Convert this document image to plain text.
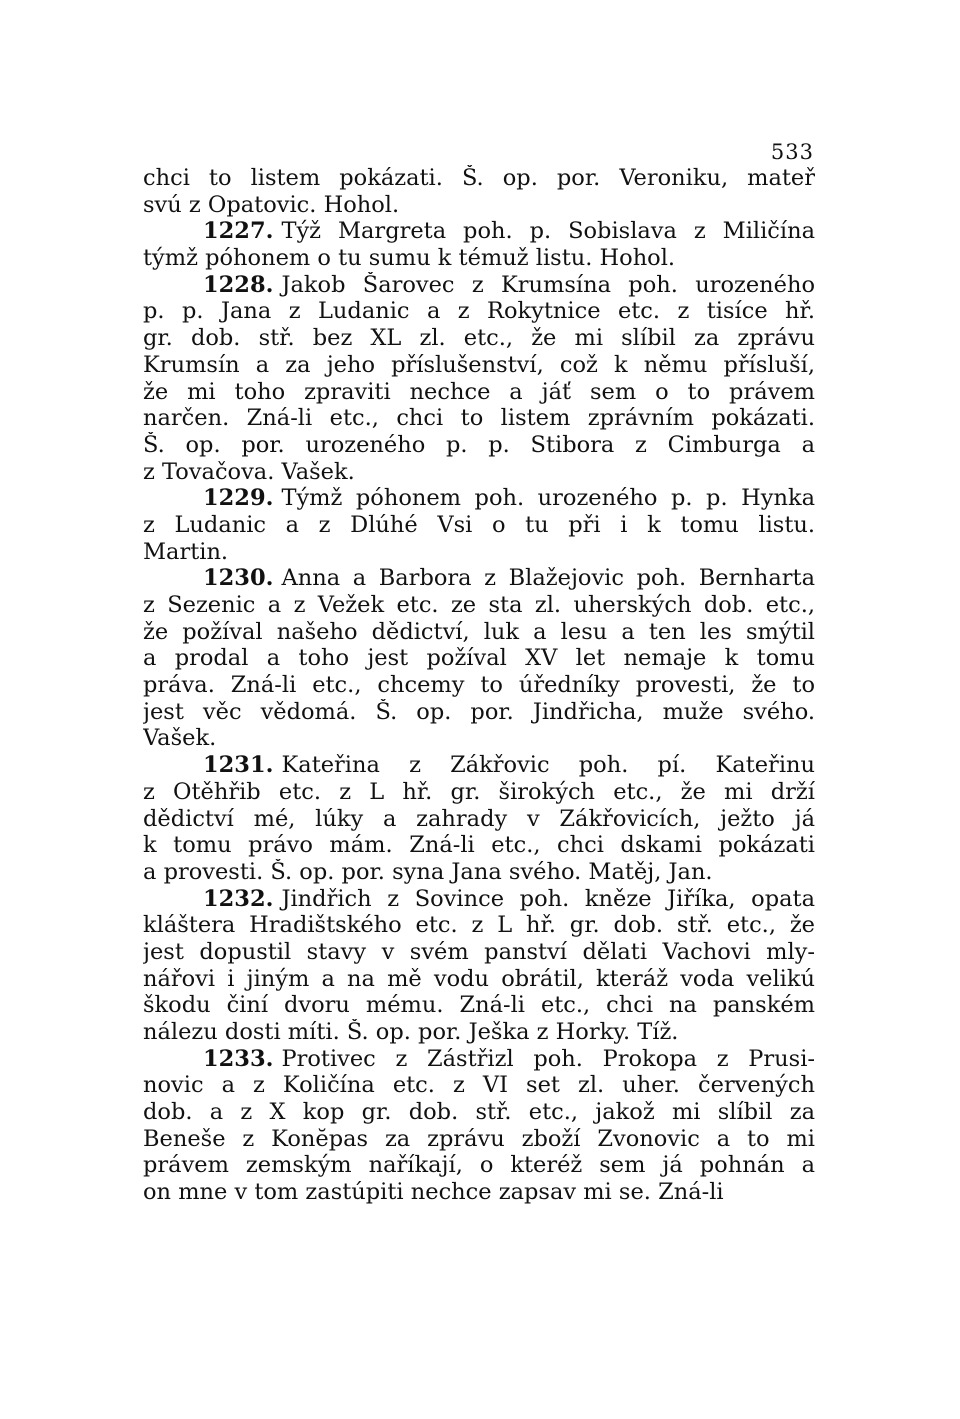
533
chci to listem pokázati. Š. op. por. Veroniku, mateř
svú z Opatovic. Hohol.
1227. Týž Margreta poh. p. Sobislava z Miličína
týmž póhonem o tu sumu k témuž listu. Hohol.
1228. Jakob Šarovec z Krumsína poh. urozeného
p. p. Jana z Ludanic a z Rokytnice etc. z tisíce hř.
gr. dob. stř. bez XL zl. etc., že mi slíbil za zprávu
Krumsín a za jeho příslušenství, což k němu přísluší,
že mi toho zpraviti nechce a jáť sem o to právem
narčen. Zná-li etc., chci to listem zprávním pokázati.
Š. op. por. urozeného p. p. Stibora z Cimburga a
z Tovačova. Vašek.
1229. Týmž póhonem poh. urozeného p. p. Hynka
z Ludanic a z Dlúhé Vsi o tu při i k tomu listu.
Martin.
1230. Anna a Barbora z Blažejovic poh. Bernharta
z Sezenic a z Vežek etc. ze sta zl. uherských dob. etc.,
že požíval našeho dědictví, luk a lesu a ten les smýtil
a prodal a toho jest požíval XV let nemaje k tomu
práva. Zná-li etc., chcemy to úředníky provesti, že to
jest věc vědomá. Š. op. por. Jindřicha, muže svého.
Vašek.
1231. Kateřina z Zákřovic poh. pí. Kateřinu
z Otěhřib etc. z L hř. gr. širokých etc., že mi drží
dědictví mé, lúky a zahrady v Zákřovicích, ježto já
k tomu právo mám. Zná-li etc., chci dskami pokázati
a provesti. Š. op. por. syna Jana svého. Matěj, Jan.
1232. Jindřich z Sovince poh. kněze Jiříka, opata
kláštera Hradištského etc. z L hř. gr. dob. stř. etc., že
jest dopustil stavy v svém panství dělati Vachovi mly-
nářovi i jiným a na mě vodu obrátil, kteráž voda velikú
škodu činí dvoru mému. Zná-li etc., chci na panském
nálezu dosti míti. Š. op. por. Ješka z Horky. Tíž.
1233. Protivec z Zástřizl poh. Prokopa z Prusi-
novic a z Količína etc. z VI set zl. uher. červených
dob. a z X kop gr. dob. stř. etc., jakož mi slíbil za
Beneše z Konĕpas za zprávu zboží Zvonovic a to mi
právem zemským naříkají, o kteréž sem já pohnán a
on mne v tom zastúpiti nechce zapsav mi se. Zná-li
